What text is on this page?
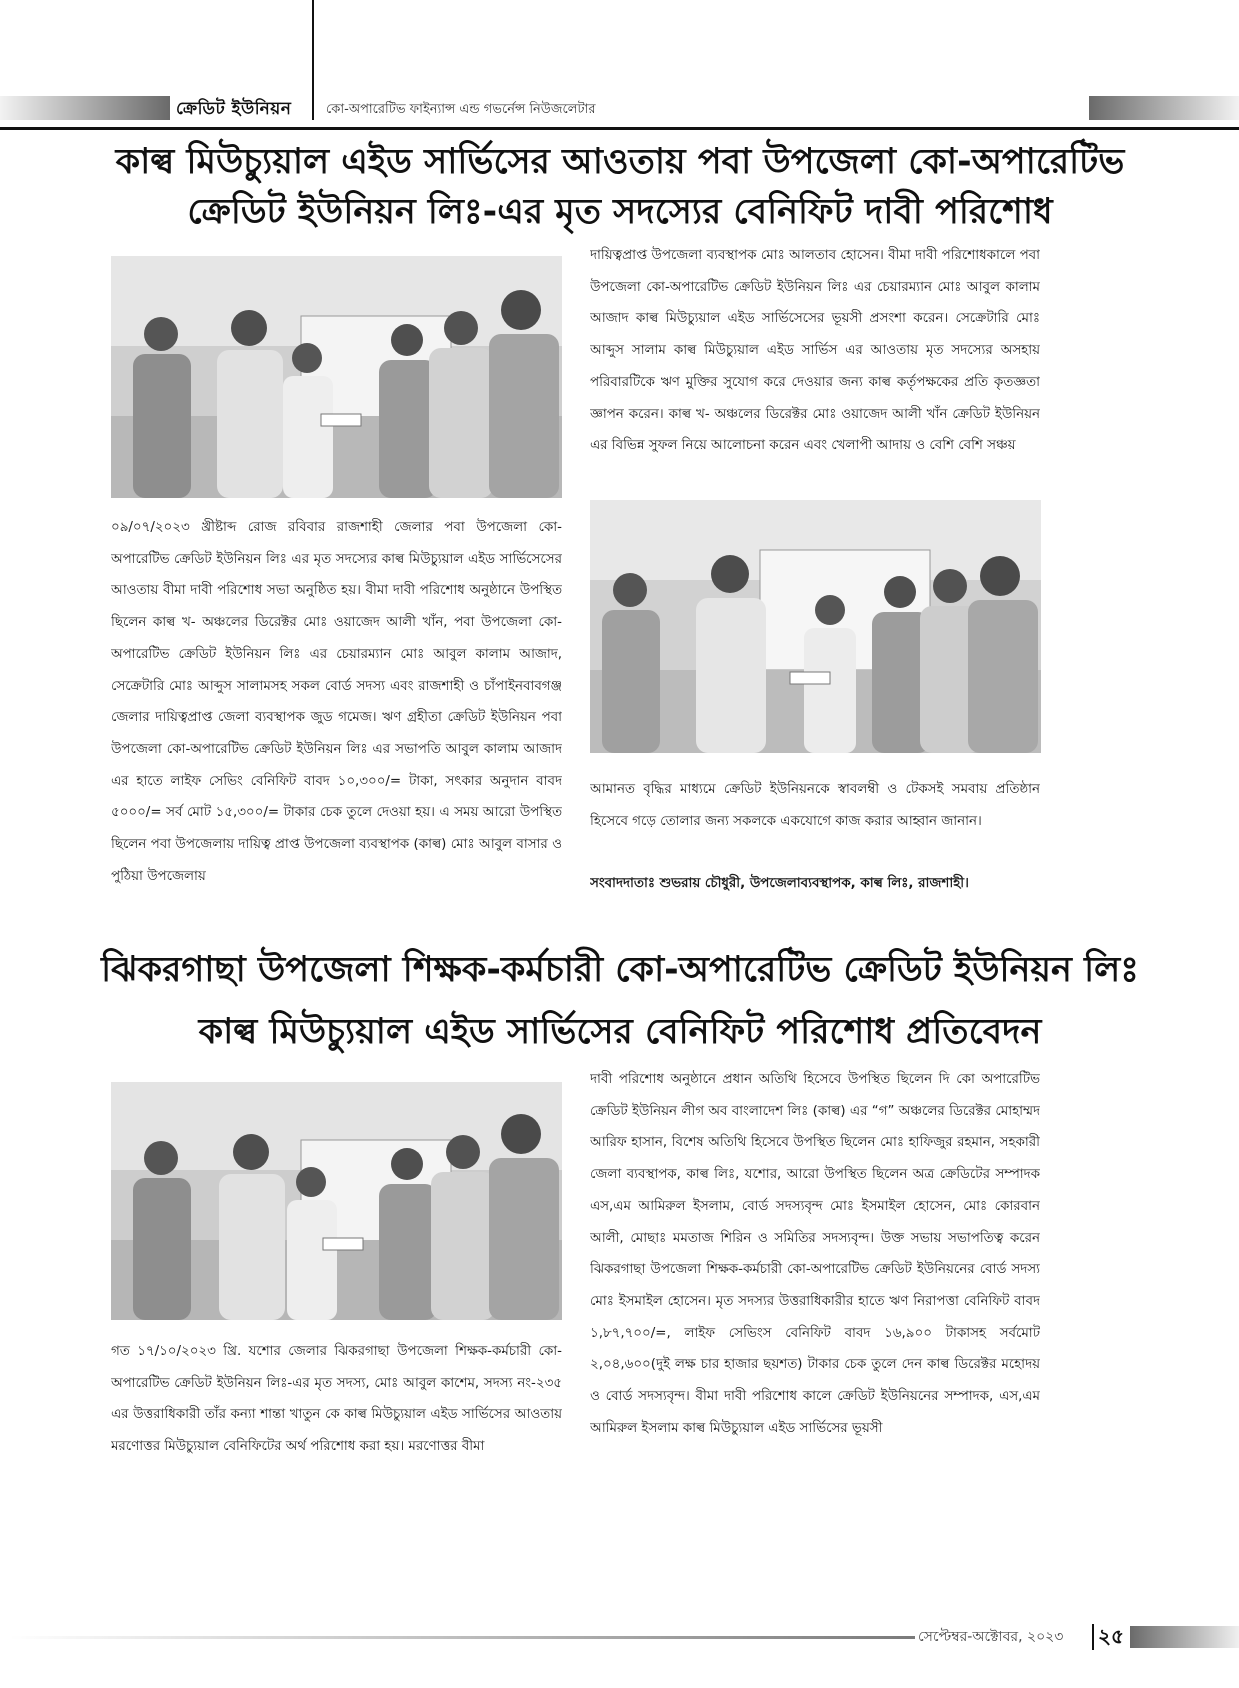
ক্রেডিট ইউনিয়ন	কো-অপারেটিভ ফাইন্যান্স এন্ড গভর্নেন্স নিউজলেটার
কাল্ব মিউচ্যুয়াল এইড সার্ভিসের আওতায় পবা উপজেলা কো-অপারেটিভ
ক্রেডিট ইউনিয়ন লিঃ-এর মৃত সদস্যের বেনিফিট দাবী পরিশোধ
০৯/০৭/২০২৩ খ্রীষ্টাব্দ রোজ রবিবার রাজশাহী জেলার পবা উপজেলা কো-অপারেটিভ ক্রেডিট ইউনিয়ন লিঃ এর মৃত সদস্যের কাল্ব মিউচ্যুয়াল এইড সার্ভিসেসের আওতায় বীমা দাবী পরিশোধ সভা অনুষ্ঠিত হয়। বীমা দাবী পরিশোধ অনুষ্ঠানে উপস্থিত ছিলেন কাল্ব খ- অঞ্চলের ডিরেক্টর মোঃ ওয়াজেদ আলী খাঁন, পবা উপজেলা কো-অপারেটিভ ক্রেডিট ইউনিয়ন লিঃ এর চেয়ারম্যান মোঃ আবুল কালাম আজাদ, সেক্রেটারি মোঃ আব্দুস সালামসহ সকল বোর্ড সদস্য এবং রাজশাহী ও চাঁপাইনবাবগঞ্জ জেলার দায়িত্বপ্রাপ্ত জেলা ব্যবস্থাপক জুড গমেজ। ঋণ গ্রহীতা ক্রেডিট ইউনিয়ন পবা উপজেলা কো-অপারেটিভ ক্রেডিট ইউনিয়ন লিঃ এর সভাপতি আবুল কালাম আজাদ এর হাতে লাইফ সেভিং বেনিফিট বাবদ ১০,৩০০/= টাকা, সৎকার অনুদান বাবদ ৫০০০/= সর্ব মোট ১৫,৩০০/= টাকার চেক তুলে দেওয়া হয়। এ সময় আরো উপস্থিত ছিলেন পবা উপজেলায় দায়িত্ব প্রাপ্ত উপজেলা ব্যবস্থাপক (কাল্ব) মোঃ আবুল বাসার ও পুঠিয়া উপজেলায়
দায়িত্বপ্রাপ্ত উপজেলা ব্যবস্থাপক মোঃ আলতাব হোসেন। বীমা দাবী পরিশোধকালে পবা উপজেলা কো-অপারেটিভ ক্রেডিট ইউনিয়ন লিঃ এর চেয়ারম্যান মোঃ আবুল কালাম আজাদ কাল্ব মিউচ্যুয়াল এইড সার্ভিসেসের ভূয়সী প্রসংশা করেন। সেক্রেটারি মোঃ আব্দুস সালাম কাল্ব মিউচ্যুয়াল এইড সার্ভিস এর আওতায় মৃত সদস্যের অসহায় পরিবারটিকে ঋণ মুক্তির সুযোগ করে দেওয়ার জন্য কাল্ব কর্তৃপক্ষকের প্রতি কৃতজ্ঞতা জ্ঞাপন করেন। কাল্ব খ- অঞ্চলের ডিরেক্টর মোঃ ওয়াজেদ আলী খাঁন ক্রেডিট ইউনিয়ন এর বিভিন্ন সুফল নিয়ে আলোচনা করেন এবং খেলাপী আদায় ও বেশি বেশি সঞ্চয়
আমানত বৃদ্ধির মাধ্যমে ক্রেডিট ইউনিয়নকে স্বাবলম্বী ও টেকসই সমবায় প্রতিষ্ঠান হিসেবে গড়ে তোলার জন্য সকলকে একযোগে কাজ করার আহ্বান জানান।
সংবাদদাতাঃ শুভরায় চৌধুরী, উপজেলাব্যবস্থাপক, কাল্ব লিঃ, রাজশাহী।
ঝিকরগাছা উপজেলা শিক্ষক-কর্মচারী কো-অপারেটিভ ক্রেডিট ইউনিয়ন লিঃ
কাল্ব মিউচ্যুয়াল এইড সার্ভিসের বেনিফিট পরিশোধ প্রতিবেদন
গত ১৭/১০/২০২৩ খ্রি. যশোর জেলার ঝিকরগাছা উপজেলা শিক্ষক-কর্মচারী কো-অপারেটিভ ক্রেডিট ইউনিয়ন লিঃ-এর মৃত সদস্য, মোঃ আবুল কাশেম, সদস্য নং-২৩৫ এর উত্তরাধিকারী তাঁর কন্যা শান্তা খাতুন কে কাল্ব মিউচ্যুয়াল এইড সার্ভিসের আওতায় মরণোত্তর মিউচ্যুয়াল বেনিফিটের অর্থ পরিশোধ করা হয়। মরণোত্তর বীমা
দাবী পরিশোধ অনুষ্ঠানে প্রধান অতিথি হিসেবে উপস্থিত ছিলেন দি কো অপারেটিভ ক্রেডিট ইউনিয়ন লীগ অব বাংলাদেশ লিঃ (কাল্ব) এর “গ” অঞ্চলের ডিরেক্টর মোহাম্মদ আরিফ হাসান, বিশেষ অতিথি হিসেবে উপস্থিত ছিলেন মোঃ হাফিজুর রহমান, সহকারী জেলা ব্যবস্থাপক, কাল্ব লিঃ, যশোর, আরো উপস্থিত ছিলেন অত্র ক্রেডিটের সম্পাদক এস,এম আমিরুল ইসলাম, বোর্ড সদস্যবৃন্দ মোঃ ইসমাইল হোসেন, মোঃ কোরবান আলী, মোছাঃ মমতাজ শিরিন ও সমিতির সদস্যবৃন্দ। উক্ত সভায় সভাপতিত্ব করেন ঝিকরগাছা উপজেলা শিক্ষক-কর্মচারী কো-অপারেটিভ ক্রেডিট ইউনিয়নের বোর্ড সদস্য মোঃ ইসমাইল হোসেন। মৃত সদস্যর উত্তরাধিকারীর হাতে ঋণ নিরাপত্তা বেনিফিট বাবদ ১,৮৭,৭০০/=, লাইফ সেভিংস বেনিফিট বাবদ ১৬,৯০০ টাকাসহ সর্বমোট ২,০৪,৬০০(দুই লক্ষ চার হাজার ছয়শত) টাকার চেক তুলে দেন কাল্ব ডিরেক্টর মহোদয় ও বোর্ড সদস্যবৃন্দ। বীমা দাবী পরিশোধ কালে ক্রেডিট ইউনিয়নের সম্পাদক, এস,এম আমিরুল ইসলাম কাল্ব মিউচ্যুয়াল এইড সার্ভিসের ভূয়সী
সেপ্টেম্বর-অক্টোবর, ২০২৩ ২৫
